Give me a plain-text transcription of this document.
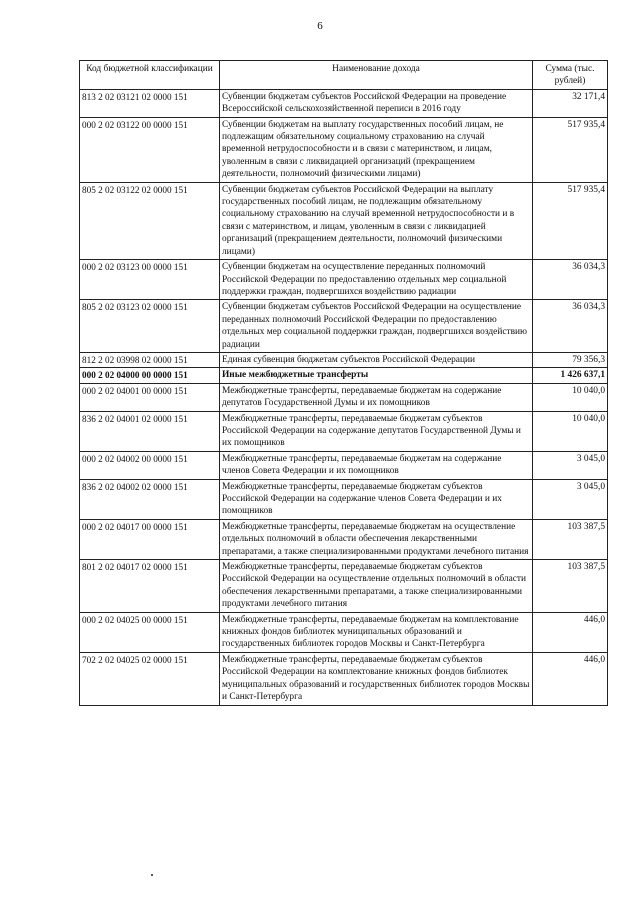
6
Код бюджетной классификации	Наименование дохода	Сумма (тыс. рублей)
813 2 02 03121 02 0000 151	Субвенции бюджетам субъектов Российской Федерации на проведение Всероссийской сельскохозяйственной переписи в 2016 году	32 171,4
000 2 02 03122 00 0000 151	Субвенции бюджетам на выплату государственных пособий лицам, не подлежащим обязательному социальному страхованию на случай временной нетрудоспособности и в связи с материнством, и лицам, уволенным в связи с ликвидацией организаций (прекращением деятельности, полномочий физическими лицами)	517 935,4
805 2 02 03122 02 0000 151	Субвенции бюджетам субъектов Российской Федерации на выплату государственных пособий лицам, не подлежащим обязательному социальному страхованию на случай временной нетрудоспособности и в связи с материнством, и лицам, уволенным в связи с ликвидацией организаций (прекращением деятельности, полномочий физическими лицами)	517 935,4
000 2 02 03123 00 0000 151	Субвенции бюджетам на осуществление переданных полномочий Российской Федерации по предоставлению отдельных мер социальной поддержки граждан, подвергшихся воздействию радиации	36 034,3
805 2 02 03123 02 0000 151	Субвенции бюджетам субъектов Российской Федерации на осуществление переданных полномочий Российской Федерации по предоставлению отдельных мер социальной поддержки граждан, подвергшихся воздействию радиации	36 034,3
812 2 02 03998 02 0000 151	Единая субвенция бюджетам субъектов Российской Федерации	79 356,3
000 2 02 04000 00 0000 151	Иные межбюджетные трансферты	1 426 637,1
000 2 02 04001 00 0000 151	Межбюджетные трансферты, передаваемые бюджетам на содержание депутатов Государственной Думы и их помощников	10 040,0
836 2 02 04001 02 0000 151	Межбюджетные трансферты, передаваемые бюджетам субъектов Российской Федерации на содержание депутатов Государственной Думы и их помощников	10 040,0
000 2 02 04002 00 0000 151	Межбюджетные трансферты, передаваемые бюджетам на содержание членов Совета Федерации и их помощников	3 045,0
836 2 02 04002 02 0000 151	Межбюджетные трансферты, передаваемые бюджетам субъектов Российской Федерации на содержание членов Совета Федерации и их помощников	3 045,0
000 2 02 04017 00 0000 151	Межбюджетные трансферты, передаваемые бюджетам на осуществление отдельных полномочий в области обеспечения лекарственными препаратами, а также специализированными продуктами лечебного питания	103 387,5
801 2 02 04017 02 0000 151	Межбюджетные трансферты, передаваемые бюджетам субъектов Российской Федерации на осуществление отдельных полномочий в области обеспечения лекарственными препаратами, а также специализированными продуктами лечебного питания	103 387,5
000 2 02 04025 00 0000 151	Межбюджетные трансферты, передаваемые бюджетам на комплектование книжных фондов библиотек муниципальных образований и государственных библиотек городов Москвы и Санкт-Петербурга	446,0
702 2 02 04025 02 0000 151	Межбюджетные трансферты, передаваемые бюджетам субъектов Российской Федерации на комплектование книжных фондов библиотек муниципальных образований и государственных библиотек городов Москвы и Санкт-Петербурга	446,0
